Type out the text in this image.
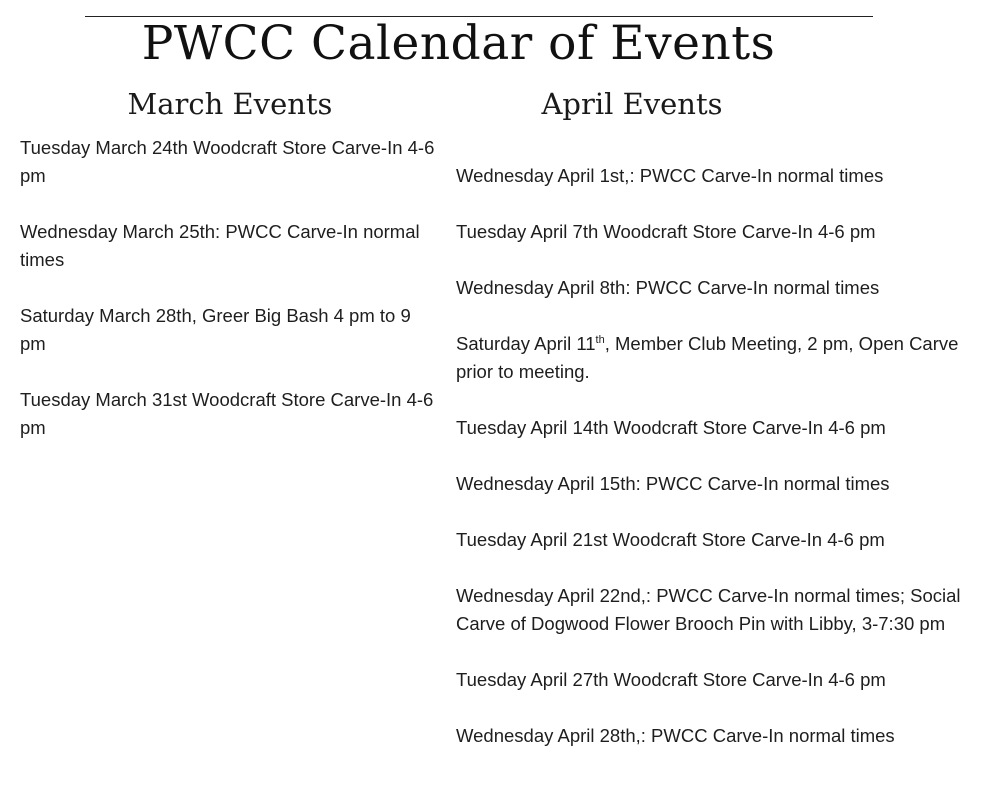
PWCC Calendar of Events
March Events	April Events
Tuesday March 24th Woodcraft Store Carve-In 4-6 pm
Wednesday March 25th: PWCC Carve-In normal times
Saturday March 28th, Greer Big Bash 4 pm to 9 pm
Tuesday March 31st Woodcraft Store Carve-In 4-6 pm
Wednesday April 1st,: PWCC Carve-In normal times
Tuesday April 7th Woodcraft Store Carve-In 4-6 pm
Wednesday April 8th: PWCC Carve-In normal times
Saturday April 11th, Member Club Meeting, 2 pm, Open Carve prior to meeting.
Tuesday April 14th Woodcraft Store Carve-In 4-6 pm
Wednesday April 15th: PWCC Carve-In normal times
Tuesday April 21st Woodcraft Store Carve-In 4-6 pm
Wednesday April 22nd,: PWCC Carve-In normal times; Social Carve of Dogwood Flower Brooch Pin with Libby, 3-7:30 pm
Tuesday April 27th Woodcraft Store Carve-In 4-6 pm
Wednesday April 28th,: PWCC Carve-In normal times
